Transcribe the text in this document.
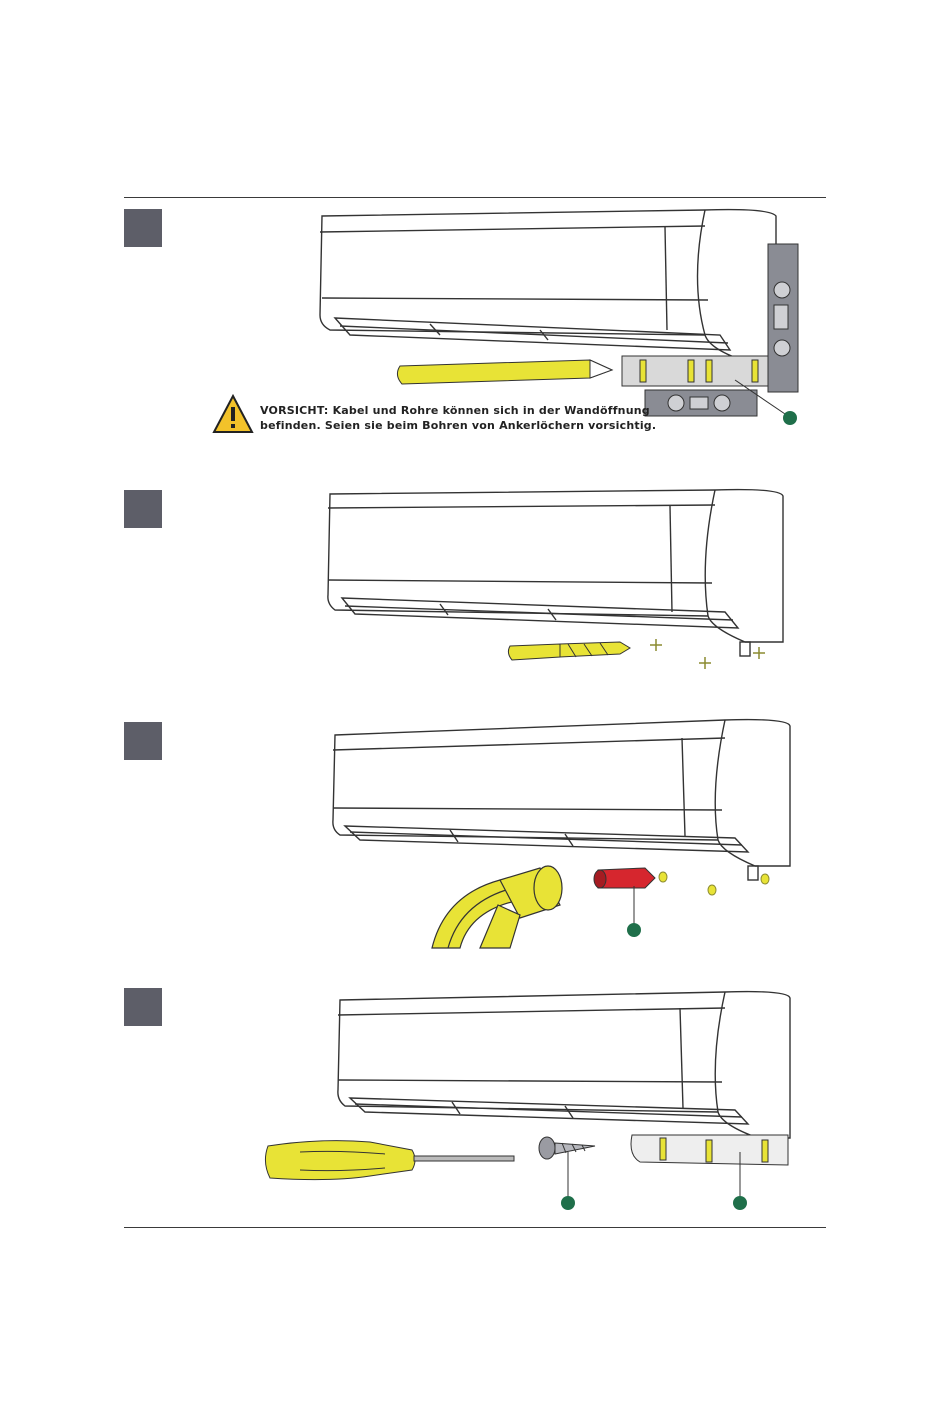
VORSICHT: Kabel und Rohre können sich in der Wandöffnung
befinden. Seien sie beim Bohren von Ankerlöchern vorsichtig.
